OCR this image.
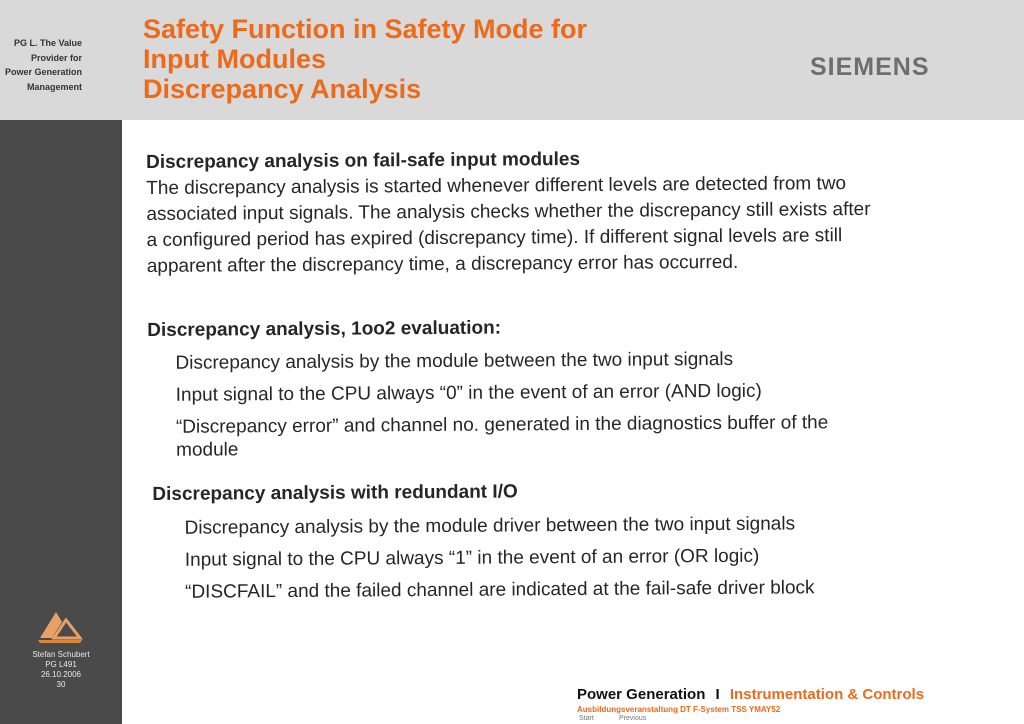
PG L. The Value
Provider for
Power Generation
Management
Safety Function in Safety Mode for
Input Modules
Discrepancy Analysis
SIEMENS
Stefan Schubert
PG L491
26.10.2006
30
Discrepancy analysis on fail-safe input modules
The discrepancy analysis is started whenever different levels are detected from two
associated input signals. The analysis checks whether the discrepancy still exists after
a configured period has expired (discrepancy time). If different signal levels are still
apparent after the discrepancy time, a discrepancy error has occurred.
Discrepancy analysis, 1oo2 evaluation:
Discrepancy analysis by the module between the two input signals
Input signal to the CPU always “0” in the event of an error (AND logic)
“Discrepancy error” and channel no. generated in the diagnostics buffer of the
module
Discrepancy analysis with redundant I/O
Discrepancy analysis by the module driver between the two input signals
Input signal to the CPU always “1” in the event of an error (OR logic)
“DISCFAIL” and the failed channel are indicated at the fail-safe driver block
Power Generation I Instrumentation & Controls
Ausbildungsveranstaltung DT F-System TSS YMAY52
Start	Previous
